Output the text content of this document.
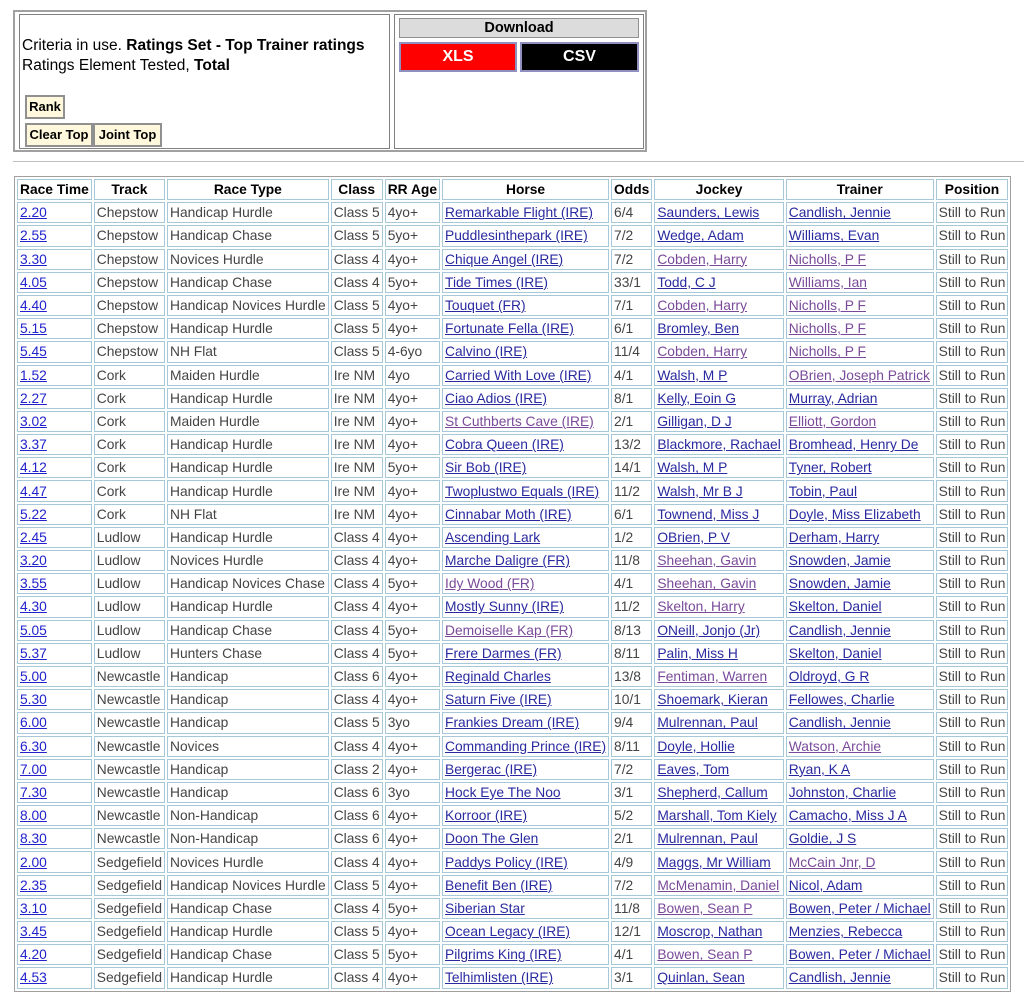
Criteria in use. Ratings Set - Top Trainer ratings
Ratings Element Tested, Total
Rank
Clear Top Joint Top
Download
XLS	CSV
Race Time	Track	Race Type	Class	RR Age	Horse	Odds	Jockey	Trainer	Position
2.20	Chepstow	Handicap Hurdle	Class 5	4yo+	Remarkable Flight (IRE)	6/4	Saunders, Lewis	Candlish, Jennie	Still to Run
2.55	Chepstow	Handicap Chase	Class 5	5yo+	Puddlesinthepark (IRE)	7/2	Wedge, Adam	Williams, Evan	Still to Run
3.30	Chepstow	Novices Hurdle	Class 4	4yo+	Chique Angel (IRE)	7/2	Cobden, Harry	Nicholls, P F	Still to Run
4.05	Chepstow	Handicap Chase	Class 4	5yo+	Tide Times (IRE)	33/1	Todd, C J	Williams, Ian	Still to Run
4.40	Chepstow	Handicap Novices Hurdle	Class 5	4yo+	Touquet (FR)	7/1	Cobden, Harry	Nicholls, P F	Still to Run
5.15	Chepstow	Handicap Hurdle	Class 5	4yo+	Fortunate Fella (IRE)	6/1	Bromley, Ben	Nicholls, P F	Still to Run
5.45	Chepstow	NH Flat	Class 5	4-6yo	Calvino (IRE)	11/4	Cobden, Harry	Nicholls, P F	Still to Run
1.52	Cork	Maiden Hurdle	Ire NM	4yo	Carried With Love (IRE)	4/1	Walsh, M P	OBrien, Joseph Patrick	Still to Run
2.27	Cork	Handicap Hurdle	Ire NM	4yo+	Ciao Adios (IRE)	8/1	Kelly, Eoin G	Murray, Adrian	Still to Run
3.02	Cork	Maiden Hurdle	Ire NM	4yo+	St Cuthberts Cave (IRE)	2/1	Gilligan, D J	Elliott, Gordon	Still to Run
3.37	Cork	Handicap Hurdle	Ire NM	4yo+	Cobra Queen (IRE)	13/2	Blackmore, Rachael	Bromhead, Henry De	Still to Run
4.12	Cork	Handicap Hurdle	Ire NM	5yo+	Sir Bob (IRE)	14/1	Walsh, M P	Tyner, Robert	Still to Run
4.47	Cork	Handicap Hurdle	Ire NM	4yo+	Twoplustwo Equals (IRE)	11/2	Walsh, Mr B J	Tobin, Paul	Still to Run
5.22	Cork	NH Flat	Ire NM	4yo+	Cinnabar Moth (IRE)	6/1	Townend, Miss J	Doyle, Miss Elizabeth	Still to Run
2.45	Ludlow	Handicap Hurdle	Class 4	4yo+	Ascending Lark	1/2	OBrien, P V	Derham, Harry	Still to Run
3.20	Ludlow	Novices Hurdle	Class 4	4yo+	Marche Daligre (FR)	11/8	Sheehan, Gavin	Snowden, Jamie	Still to Run
3.55	Ludlow	Handicap Novices Chase	Class 4	5yo+	Idy Wood (FR)	4/1	Sheehan, Gavin	Snowden, Jamie	Still to Run
4.30	Ludlow	Handicap Hurdle	Class 4	4yo+	Mostly Sunny (IRE)	11/2	Skelton, Harry	Skelton, Daniel	Still to Run
5.05	Ludlow	Handicap Chase	Class 4	5yo+	Demoiselle Kap (FR)	8/13	ONeill, Jonjo (Jr)	Candlish, Jennie	Still to Run
5.37	Ludlow	Hunters Chase	Class 4	5yo+	Frere Darmes (FR)	8/11	Palin, Miss H	Skelton, Daniel	Still to Run
5.00	Newcastle	Handicap	Class 6	4yo+	Reginald Charles	13/8	Fentiman, Warren	Oldroyd, G R	Still to Run
5.30	Newcastle	Handicap	Class 4	4yo+	Saturn Five (IRE)	10/1	Shoemark, Kieran	Fellowes, Charlie	Still to Run
6.00	Newcastle	Handicap	Class 5	3yo	Frankies Dream (IRE)	9/4	Mulrennan, Paul	Candlish, Jennie	Still to Run
6.30	Newcastle	Novices	Class 4	4yo+	Commanding Prince (IRE)	8/11	Doyle, Hollie	Watson, Archie	Still to Run
7.00	Newcastle	Handicap	Class 2	4yo+	Bergerac (IRE)	7/2	Eaves, Tom	Ryan, K A	Still to Run
7.30	Newcastle	Handicap	Class 6	3yo	Hock Eye The Noo	3/1	Shepherd, Callum	Johnston, Charlie	Still to Run
8.00	Newcastle	Non-Handicap	Class 6	4yo+	Korroor (IRE)	5/2	Marshall, Tom Kiely	Camacho, Miss J A	Still to Run
8.30	Newcastle	Non-Handicap	Class 6	4yo+	Doon The Glen	2/1	Mulrennan, Paul	Goldie, J S	Still to Run
2.00	Sedgefield	Novices Hurdle	Class 4	4yo+	Paddys Policy (IRE)	4/9	Maggs, Mr William	McCain Jnr, D	Still to Run
2.35	Sedgefield	Handicap Novices Hurdle	Class 5	4yo+	Benefit Ben (IRE)	7/2	McMenamin, Daniel	Nicol, Adam	Still to Run
3.10	Sedgefield	Handicap Chase	Class 4	5yo+	Siberian Star	11/8	Bowen, Sean P	Bowen, Peter / Michael	Still to Run
3.45	Sedgefield	Handicap Hurdle	Class 5	4yo+	Ocean Legacy (IRE)	12/1	Moscrop, Nathan	Menzies, Rebecca	Still to Run
4.20	Sedgefield	Handicap Chase	Class 5	5yo+	Pilgrims King (IRE)	4/1	Bowen, Sean P	Bowen, Peter / Michael	Still to Run
4.53	Sedgefield	Handicap Hurdle	Class 4	4yo+	Telhimlisten (IRE)	3/1	Quinlan, Sean	Candlish, Jennie	Still to Run
